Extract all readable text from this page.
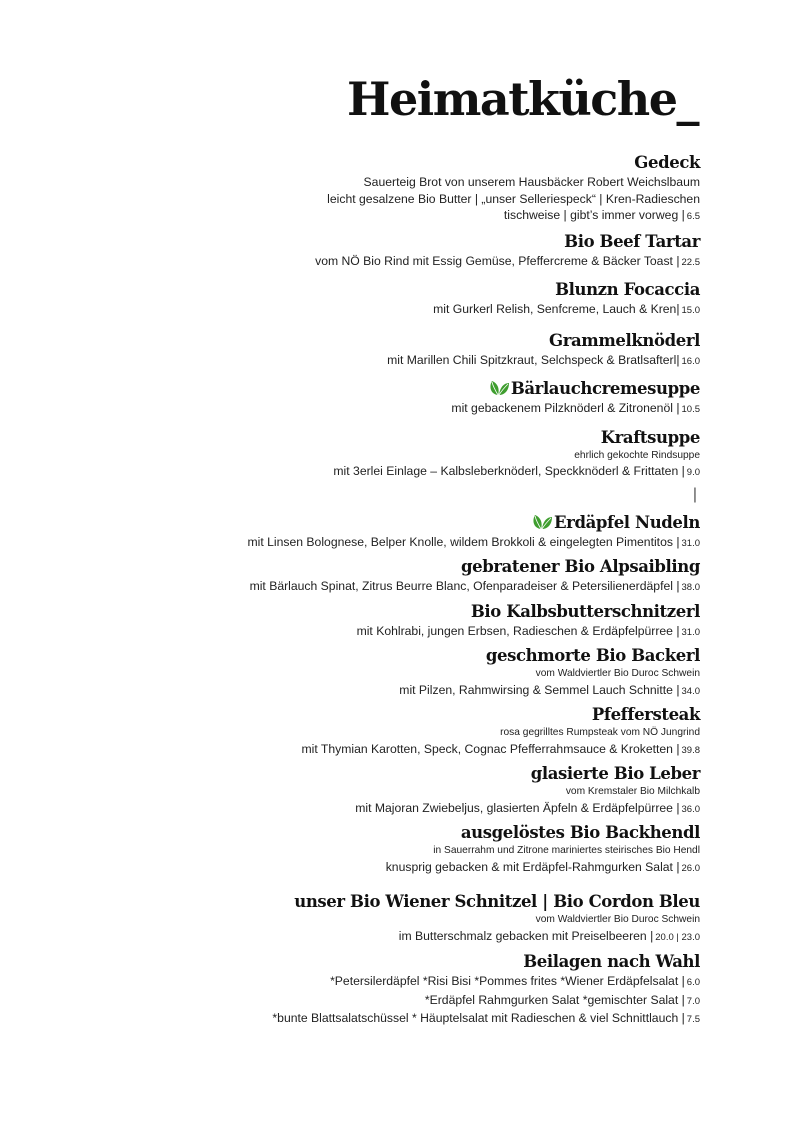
Heimatküche_
Gedeck
Sauerteig Brot von unserem Hausbäcker Robert Weichslbaum
leicht gesalzene Bio Butter | „unser Selleriespeck“ | Kren-Radieschen
tischweise | gibt’s immer vorweg | 6.5
Bio Beef Tartar
vom NÖ Bio Rind mit Essig Gemüse, Pfeffercreme & Bäcker Toast | 22.5
Blunzn Focaccia
mit Gurkerl Relish, Senfcreme, Lauch & Kren| 15.0
Grammelknöderl
mit Marillen Chili Spitzkraut, Selchspeck & Bratlsafterl| 16.0
Bärlauchcremesuppe
mit gebackenem Pilzknöderl & Zitronenöl | 10.5
Kraftsuppe
ehrlich gekochte Rindsuppe
mit 3erlei Einlage – Kalbsleberknöderl, Speckknöderl & Frittaten | 9.0
|
Erdäpfel Nudeln
mit Linsen Bolognese, Belper Knolle, wildem Brokkoli & eingelegten Pimentitos | 31.0
gebratener Bio Alpsaibling
mit Bärlauch Spinat, Zitrus Beurre Blanc, Ofenparadeiser & Petersilienerdäpfel | 38.0
Bio Kalbsbutterschnitzerl
mit Kohlrabi, jungen Erbsen, Radieschen & Erdäpfelpürree | 31.0
geschmorte Bio Backerl
vom Waldviertler Bio Duroc Schwein
mit Pilzen, Rahmwirsing & Semmel Lauch Schnitte | 34.0
Pfeffersteak
rosa gegrilltes Rumpsteak vom NÖ Jungrind
mit Thymian Karotten, Speck, Cognac Pfefferrahmsauce & Kroketten | 39.8
glasierte Bio Leber
vom Kremstaler Bio Milchkalb
mit Majoran Zwiebeljus, glasierten Äpfeln & Erdäpfelpürree | 36.0
ausgelöstes Bio Backhendl
in Sauerrahm und Zitrone mariniertes steirisches Bio Hendl
knusprig gebacken & mit Erdäpfel-Rahmgurken Salat | 26.0
unser Bio Wiener Schnitzel | Bio Cordon Bleu
vom Waldviertler Bio Duroc Schwein
im Butterschmalz gebacken mit Preiselbeeren | 20.0 | 23.0
Beilagen nach Wahl
*Petersilerdäpfel *Risi Bisi *Pommes frites *Wiener Erdäpfelsalat | 6.0
*Erdäpfel Rahmgurken Salat *gemischter Salat | 7.0
*bunte Blattsalatschüssel * Häuptelsalat mit Radieschen & viel Schnittlauch | 7.5
